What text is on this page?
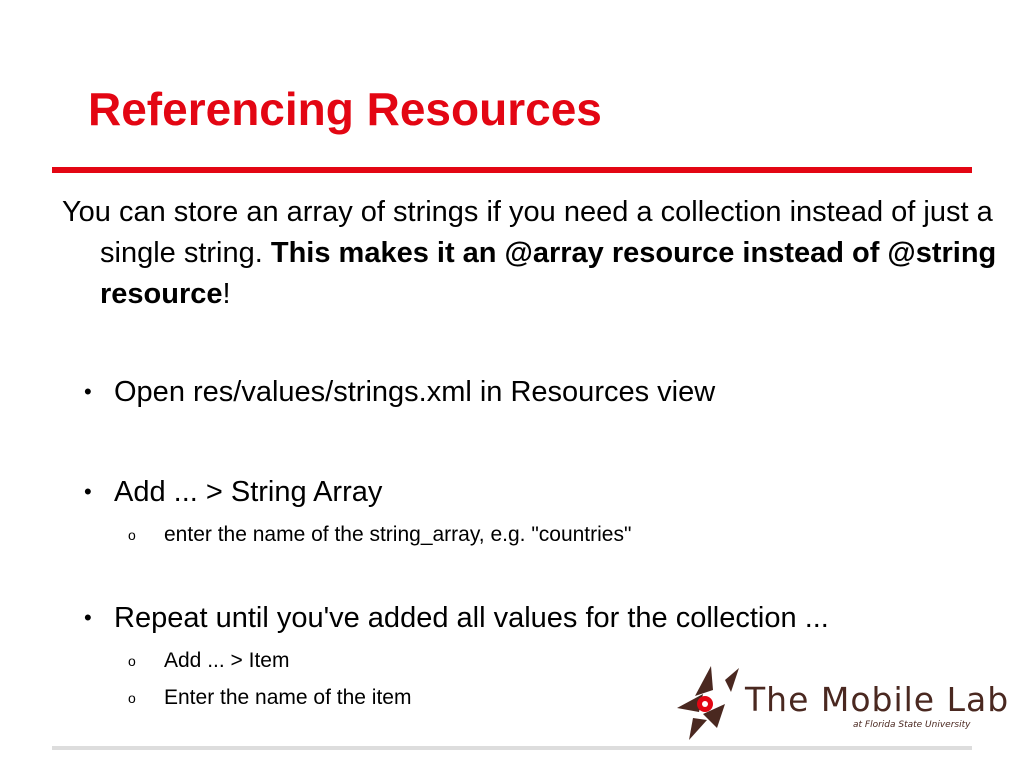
Referencing Resources

You can store an array of strings if you need a collection instead of just a single string. This makes it an @array resource instead of @string resource!

• Open res/values/strings.xml in Resources view
• Add ... > String Array
o enter the name of the string_array, e.g. "countries"
• Repeat until you've added all values for the collection ...
o Add ... > Item
o Enter the name of the item	The Mobile Lab
at Florida State University
